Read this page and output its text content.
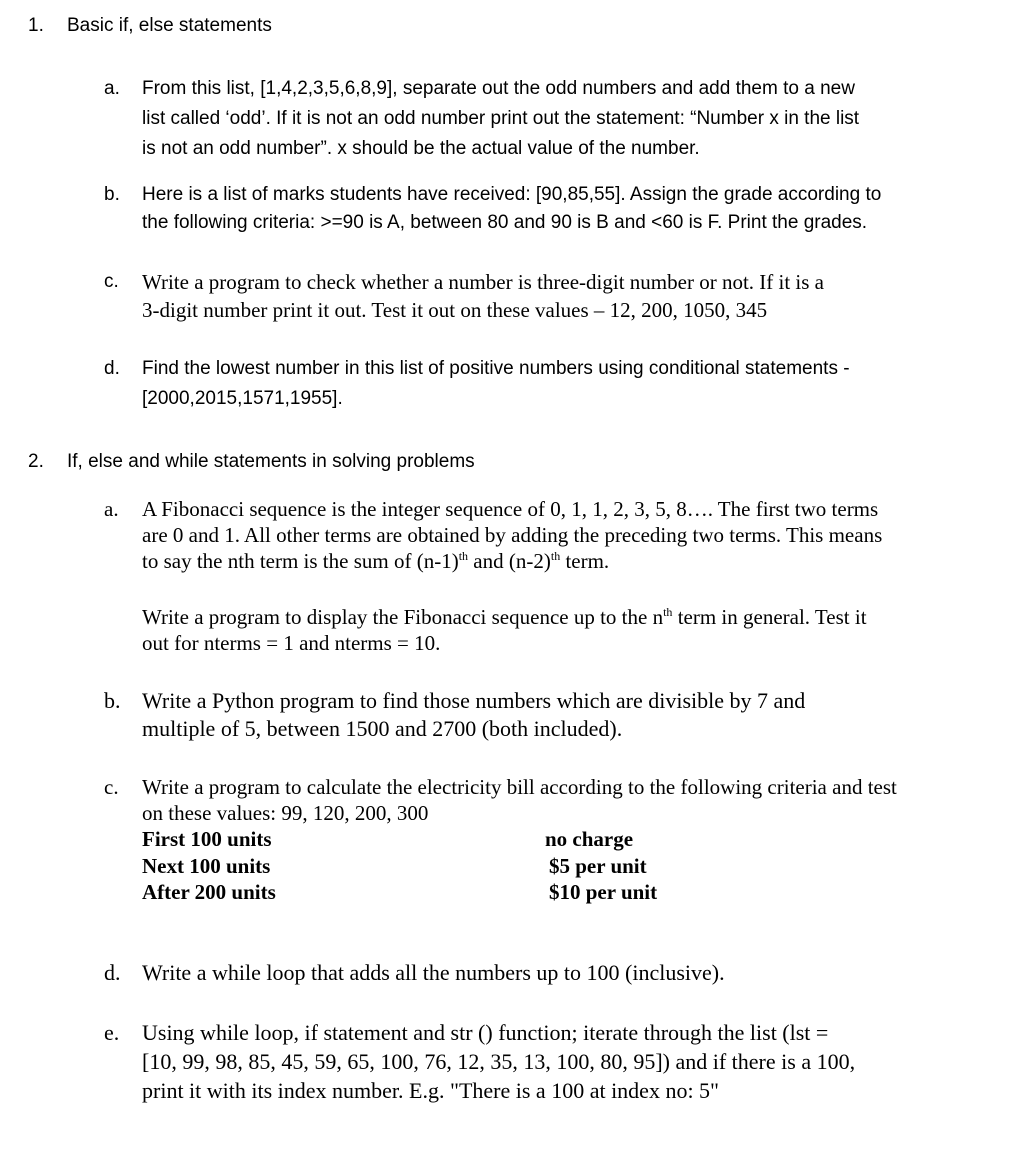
1. Basic if, else statements
a. From this list, [1,4,2,3,5,6,8,9], separate out the odd numbers and add them to a new
list called ‘odd’. If it is not an odd number print out the statement: “Number x in the list
is not an odd number”. x should be the actual value of the number.
b. Here is a list of marks students have received: [90,85,55]. Assign the grade according to
the following criteria: >=90 is A, between 80 and 90 is B and <60 is F. Print the grades.
c. Write a program to check whether a number is three-digit number or not. If it is a
3-digit number print it out. Test it out on these values – 12, 200, 1050, 345
d. Find the lowest number in this list of positive numbers using conditional statements -
[2000,2015,1571,1955].
2. If, else and while statements in solving problems
a. A Fibonacci sequence is the integer sequence of 0, 1, 1, 2, 3, 5, 8…. The first two terms
are 0 and 1. All other terms are obtained by adding the preceding two terms. This means
to say the nth term is the sum of $(n-1)^{th}$ and $(n-2)^{th}$ term.
Write a program to display the Fibonacci sequence up to the $n^{th}$ term in general. Test it
out for nterms = 1 and nterms = 10.
b. Write a Python program to find those numbers which are divisible by 7 and
multiple of 5, between 1500 and 2700 (both included).
c. Write a program to calculate the electricity bill according to the following criteria and test
on these values: 99, 120, 200, 300
First 100 units	no charge
Next 100 units	$5 per unit
After 200 units	$10 per unit
d. Write a while loop that adds all the numbers up to 100 (inclusive).
e. Using while loop, if statement and str () function; iterate through the list (lst =
[10, 99, 98, 85, 45, 59, 65, 100, 76, 12, 35, 13, 100, 80, 95]) and if there is a 100,
print it with its index number. E.g. "There is a 100 at index no: 5"
